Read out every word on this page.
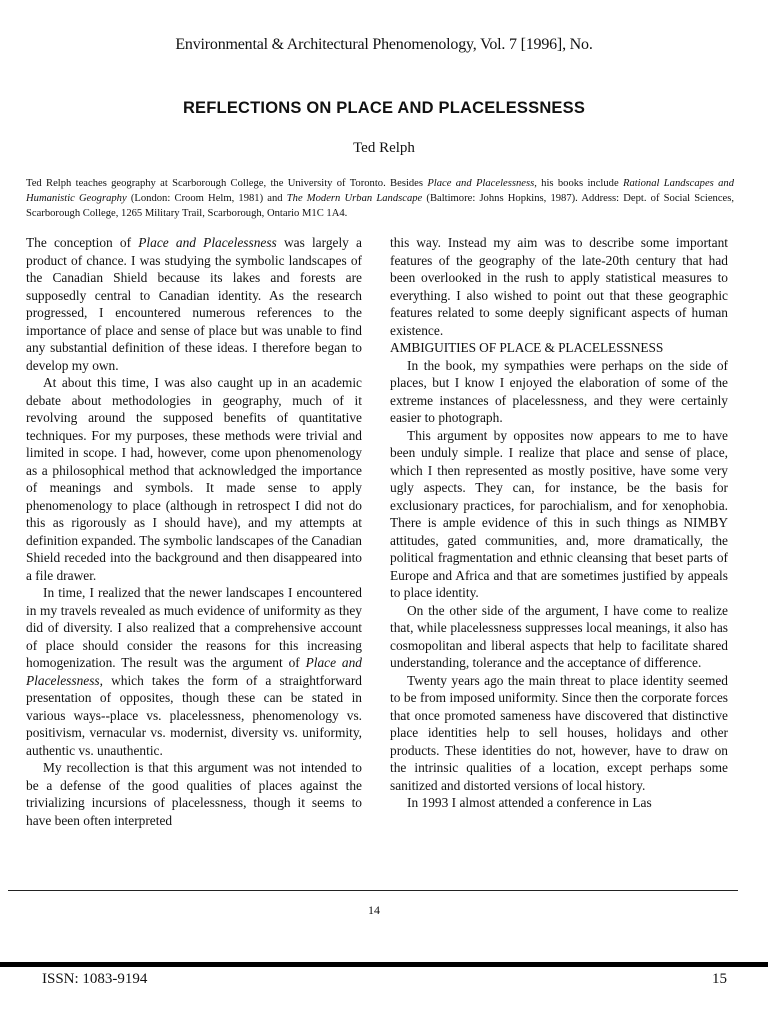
Environmental & Architectural Phenomenology, Vol. 7 [1996], No.
REFLECTIONS ON PLACE AND PLACELESSNESS
Ted Relph
Ted Relph teaches geography at Scarborough College, the University of Toronto. Besides Place and Placelessness, his books include Rational Landscapes and Humanistic Geography (London: Croom Helm, 1981) and The Modern Urban Landscape (Baltimore: Johns Hopkins, 1987). Address: Dept. of Social Sciences, Scarborough College, 1265 Military Trail, Scarborough, Ontario M1C 1A4.

The conception of Place and Placelessness was largely a product of chance. I was studying the symbolic landscapes of the Canadian Shield because its lakes and forests are supposedly central to Canadian identity. As the research progressed, I encountered numerous references to the importance of place and sense of place but was unable to find any substantial definition of these ideas. I therefore began to develop my own.

At about this time, I was also caught up in an academic debate about methodologies in geography, much of it revolving around the supposed benefits of quantitative techniques. For my purposes, these methods were trivial and limited in scope. I had, however, come upon phenomenology as a philosophical method that acknowledged the importance of meanings and symbols. It made sense to apply phenomenology to place (although in retrospect I did not do this as rigorously as I should have), and my attempts at definition expanded. The symbolic landscapes of the Canadian Shield receded into the background and then disappeared into a file drawer.

In time, I realized that the newer landscapes I encountered in my travels revealed as much evidence of uniformity as they did of diversity. I also realized that a comprehensive account of place should consider the reasons for this increasing homogenization. The result was the argument of Place and Placelessness, which takes the form of a straightforward presentation of opposites, though these can be stated in various ways--place vs. placelessness, phenomenology vs. positivism, vernacular vs. modernist, diversity vs. uniformity, authentic vs. unauthentic.

My recollection is that this argument was not intended to be a defense of the good qualities of places against the trivializing incursions of placelessness, though it seems to have been often interpreted

this way. Instead my aim was to describe some important features of the geography of the late-20th century that had been overlooked in the rush to apply statistical measures to everything. I also wished to point out that these geographic features related to some deeply significant aspects of human existence.

AMBIGUITIES OF PLACE & PLACELESSNESS

In the book, my sympathies were perhaps on the side of places, but I know I enjoyed the elaboration of some of the extreme instances of placelessness, and they were certainly easier to photograph.

This argument by opposites now appears to me to have been unduly simple. I realize that place and sense of place, which I then represented as mostly positive, have some very ugly aspects. They can, for instance, be the basis for exclusionary practices, for parochialism, and for xenophobia. There is ample evidence of this in such things as NIMBY attitudes, gated communities, and, more dramatically, the political fragmentation and ethnic cleansing that beset parts of Europe and Africa and that are sometimes justified by appeals to place identity.

On the other side of the argument, I have come to realize that, while placelessness suppresses local meanings, it also has cosmopolitan and liberal aspects that help to facilitate shared understanding, tolerance and the acceptance of difference.

Twenty years ago the main threat to place identity seemed to be from imposed uniformity. Since then the corporate forces that once promoted sameness have discovered that distinctive place identities help to sell houses, holidays and other products. These identities do not, however, have to draw on the intrinsic qualities of a location, except perhaps some sanitized and distorted versions of local history.

In 1993 I almost attended a conference in Las

14
ISSN: 1083-9194	15
